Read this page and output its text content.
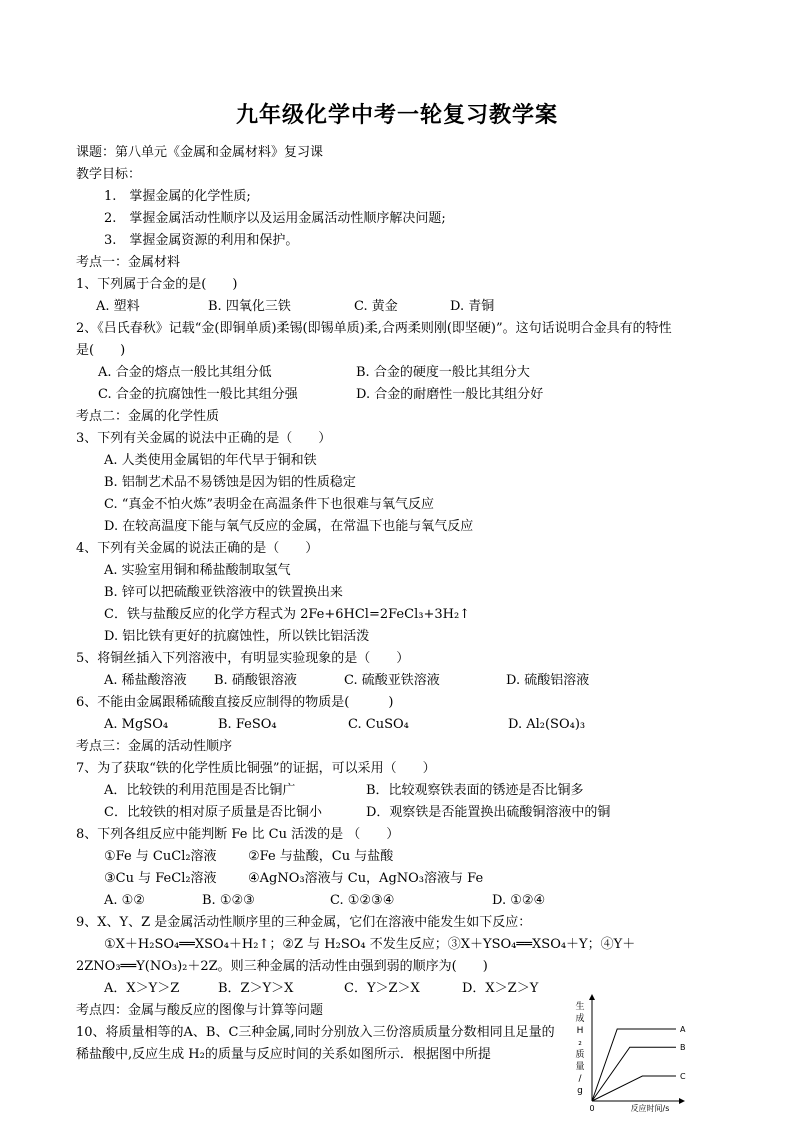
九年级化学中考一轮复习教学案
课题：第八单元《金属和金属材料》复习课
教学目标：
1.　掌握金属的化学性质;
2.　掌握金属活动性顺序以及运用金属活动性顺序解决问题;
3.　掌握金属资源的利用和保护。
考点一：金属材料
1、下列属于合金的是(　　)
A. 塑料	B. 四氧化三铁	C. 黄金	D. 青铜
2、《吕氏春秋》记载“金(即铜单质)柔锡(即锡单质)柔,合两柔则刚(即坚硬)”。这句话说明合金具有的特性
是(　　)
A. 合金的熔点一般比其组分低	B. 合金的硬度一般比其组分大
C. 合金的抗腐蚀性一般比其组分强	D. 合金的耐磨性一般比其组分好
考点二：金属的化学性质
3、下列有关金属的说法中正确的是（　　）
A. 人类使用金属铝的年代早于铜和铁
B. 铝制艺术品不易锈蚀是因为铝的性质稳定
C. “真金不怕火炼”表明金在高温条件下也很难与氧气反应
D. 在较高温度下能与氧气反应的金属，在常温下也能与氧气反应
4、下列有关金属的说法正确的是（　　）
A. 实验室用铜和稀盐酸制取氢气
B. 锌可以把硫酸亚铁溶液中的铁置换出来
C．铁与盐酸反应的化学方程式为 2Fe+6HCl=2FeCl₃+3H₂↑
D. 铝比铁有更好的抗腐蚀性，所以铁比铝活泼
5、将铜丝插入下列溶液中，有明显实验现象的是（　　）
A. 稀盐酸溶液 B. 硝酸银溶液	C. 硫酸亚铁溶液	D. 硫酸铝溶液
6、不能由金属跟稀硫酸直接反应制得的物质是(　　　)
A. MgSO₄	B. FeSO₄	C. CuSO₄	D. Al₂(SO₄)₃
考点三：金属的活动性顺序
7、为了获取“铁的化学性质比铜强”的证据，可以采用（　　）
A．比较铁的利用范围是否比铜广	B．比较观察铁表面的锈迹是否比铜多
C．比较铁的相对原子质量是否比铜小	D．观察铁是否能置换出硫酸铜溶液中的铜
8、下列各组反应中能判断 Fe 比 Cu 活泼的是 （　　）
①Fe 与 CuCl₂溶液 ②Fe 与盐酸，Cu 与盐酸
③Cu 与 FeCl₂溶液 ④AgNO₃溶液与 Cu，AgNO₃溶液与 Fe
A. ①②	B. ①②③	C. ①②③④	D. ①②④
9、X、Y、Z 是金属活动性顺序里的三种金属，它们在溶液中能发生如下反应：
①X＋H₂SO₄══XSO₄＋H₂↑；②Z 与 H₂SO₄ 不发生反应；③X＋YSO₄══XSO₄＋Y；④Y＋
2ZNO₃══Y(NO₃)₂＋2Z。则三种金属的活动性由强到弱的顺序为(　　)
A．X＞Y＞Z	B．Z＞Y＞X	C．Y＞Z＞X	D．X＞Z＞Y
考点四：金属与酸反应的图像与计算等问题
10、将质量相等的A、B、C三种金属,同时分别放入三份溶质质量分数相同且足量的稀盐酸中,反应生成 H₂的质量与反应时间的关系如图所示．根据图中所提
生成 H ₂ 质量/ g
0	反应时间/s
A
B
C
